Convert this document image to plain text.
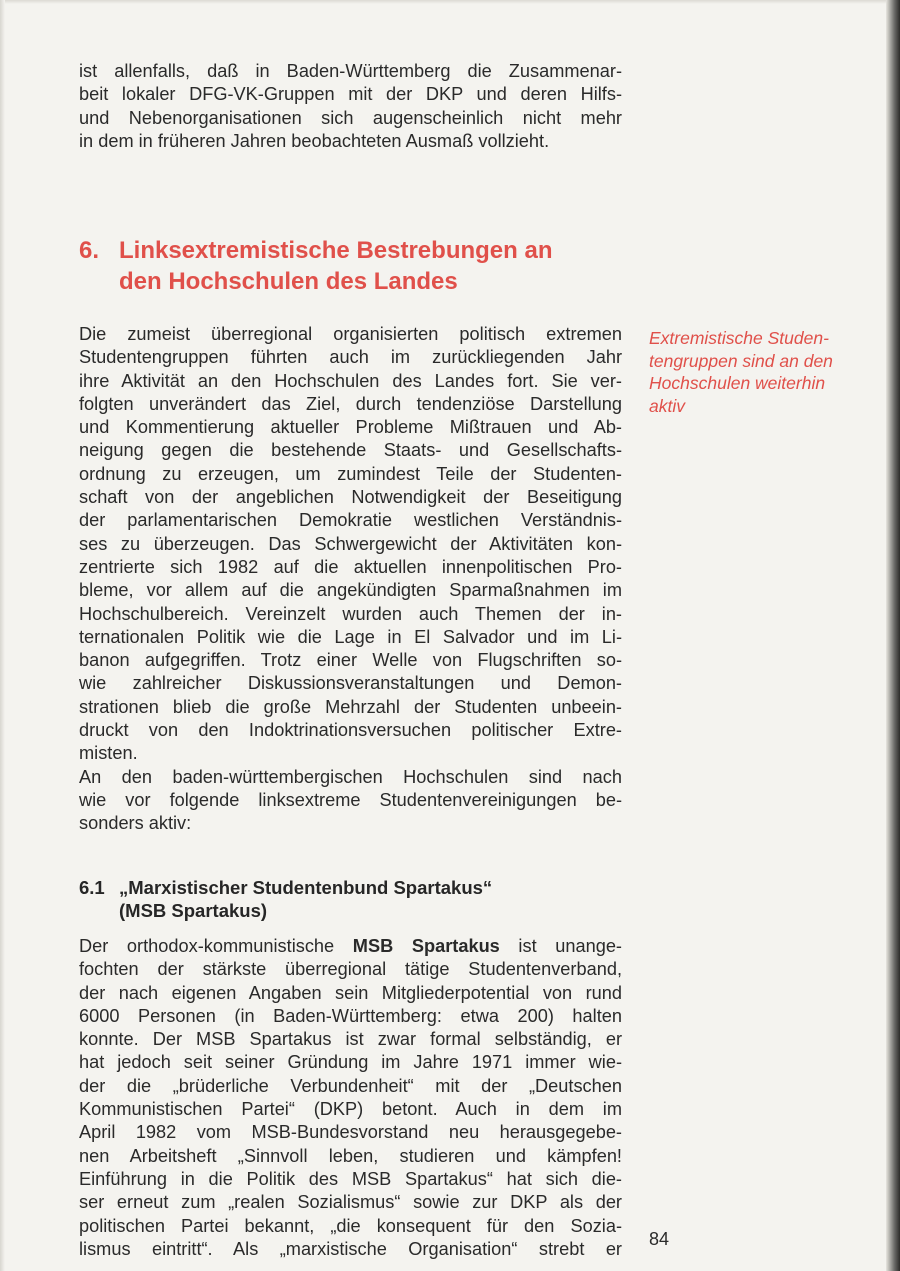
ist allenfalls, daß in Baden-Württemberg die Zusammenar-
beit lokaler DFG-VK-Gruppen mit der DKP und deren Hilfs-
und Nebenorganisationen sich augenscheinlich nicht mehr
in dem in früheren Jahren beobachteten Ausmaß vollzieht.
6. Linksextremistische Bestrebungen an
den Hochschulen des Landes
Die zumeist überregional organisierten politisch extremen
Studentengruppen führten auch im zurückliegenden Jahr
ihre Aktivität an den Hochschulen des Landes fort. Sie ver-
folgten unverändert das Ziel, durch tendenziöse Darstellung
und Kommentierung aktueller Probleme Mißtrauen und Ab-
neigung gegen die bestehende Staats- und Gesellschafts-
ordnung zu erzeugen, um zumindest Teile der Studenten-
schaft von der angeblichen Notwendigkeit der Beseitigung
der parlamentarischen Demokratie westlichen Verständnis-
ses zu überzeugen. Das Schwergewicht der Aktivitäten kon-
zentrierte sich 1982 auf die aktuellen innenpolitischen Pro-
bleme, vor allem auf die angekündigten Sparmaßnahmen im
Hochschulbereich. Vereinzelt wurden auch Themen der in-
ternationalen Politik wie die Lage in El Salvador und im Li-
banon aufgegriffen. Trotz einer Welle von Flugschriften so-
wie zahlreicher Diskussionsveranstaltungen und Demon-
strationen blieb die große Mehrzahl der Studenten unbeein-
druckt von den Indoktrinationsversuchen politischer Extre-
misten.
An den baden-württembergischen Hochschulen sind nach
wie vor folgende linksextreme Studentenvereinigungen be-
sonders aktiv:
Extremistische Studen-
tengruppen sind an den
Hochschulen weiterhin
aktiv
6.1 „Marxistischer Studentenbund Spartakus“
(MSB Spartakus)
Der orthodox-kommunistische MSB Spartakus ist unange-
fochten der stärkste überregional tätige Studentenverband,
der nach eigenen Angaben sein Mitgliederpotential von rund
6000 Personen (in Baden-Württemberg: etwa 200) halten
konnte. Der MSB Spartakus ist zwar formal selbständig, er
hat jedoch seit seiner Gründung im Jahre 1971 immer wie-
der die „brüderliche Verbundenheit“ mit der „Deutschen
Kommunistischen Partei“ (DKP) betont. Auch in dem im
April 1982 vom MSB-Bundesvorstand neu herausgegebe-
nen Arbeitsheft „Sinnvoll leben, studieren und kämpfen!
Einführung in die Politik des MSB Spartakus“ hat sich die-
ser erneut zum „realen Sozialismus“ sowie zur DKP als der
politischen Partei bekannt, „die konsequent für den Sozia-
lismus eintritt“. Als „marxistische Organisation“ strebt er 84
